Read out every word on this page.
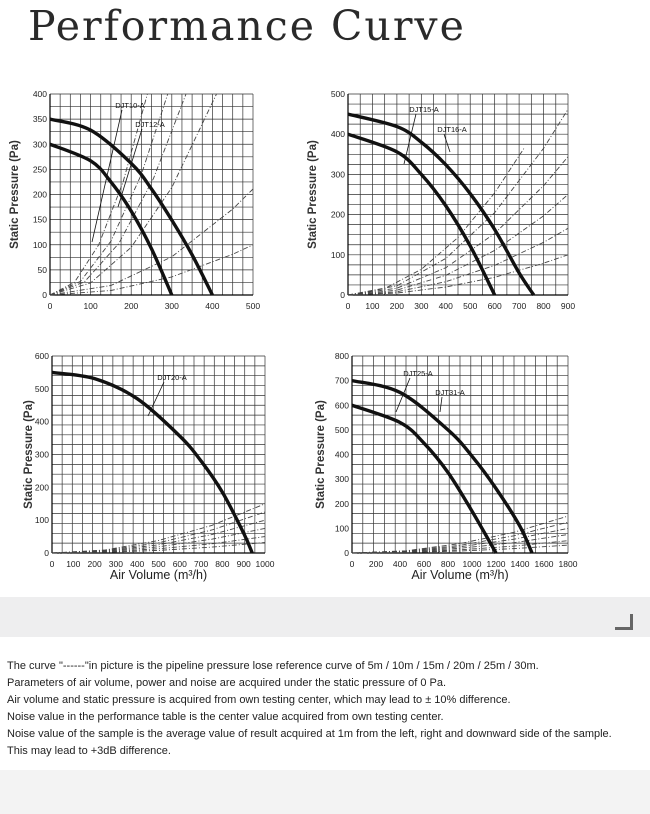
Performance Curve
0
50
100
150
200
250
300
350
400
0	100	200	300	400	500
Static Pressure (Pa)
DJT10-A
DJT12-A
0
100
200
300
400
500
0 100 200 300 400 500 600 700 800 900
Static Pressure (Pa)
DJT15-A
DJT16-A
0
100
200
300
400
500
600
0 100 200 300 400 500 600 700 800 900 1000
Static Pressure (Pa)
Air Volume (m³/h)
DJT20-A
0
100
200
300
400
500
600
700
800
0 200 400 600 800 1000 1200 1400 1600 1800
Static Pressure (Pa)
Air Volume (m³/h)
DJT25-A
DJT31-A
The curve "------"in picture is the pipeline pressure lose reference curve of 5m / 10m / 15m / 20m / 25m / 30m.
Parameters of air volume, power and noise are acquired under the static pressure of 0 Pa.
Air volume and static pressure is acquired from own testing center, which may lead to ± 10% difference.
Noise value in the performance table is the center value acquired from own testing center.
Noise value of the sample is the average value of result acquired at 1m from the left, right and downward side of the sample.
This may lead to +3dB difference.
